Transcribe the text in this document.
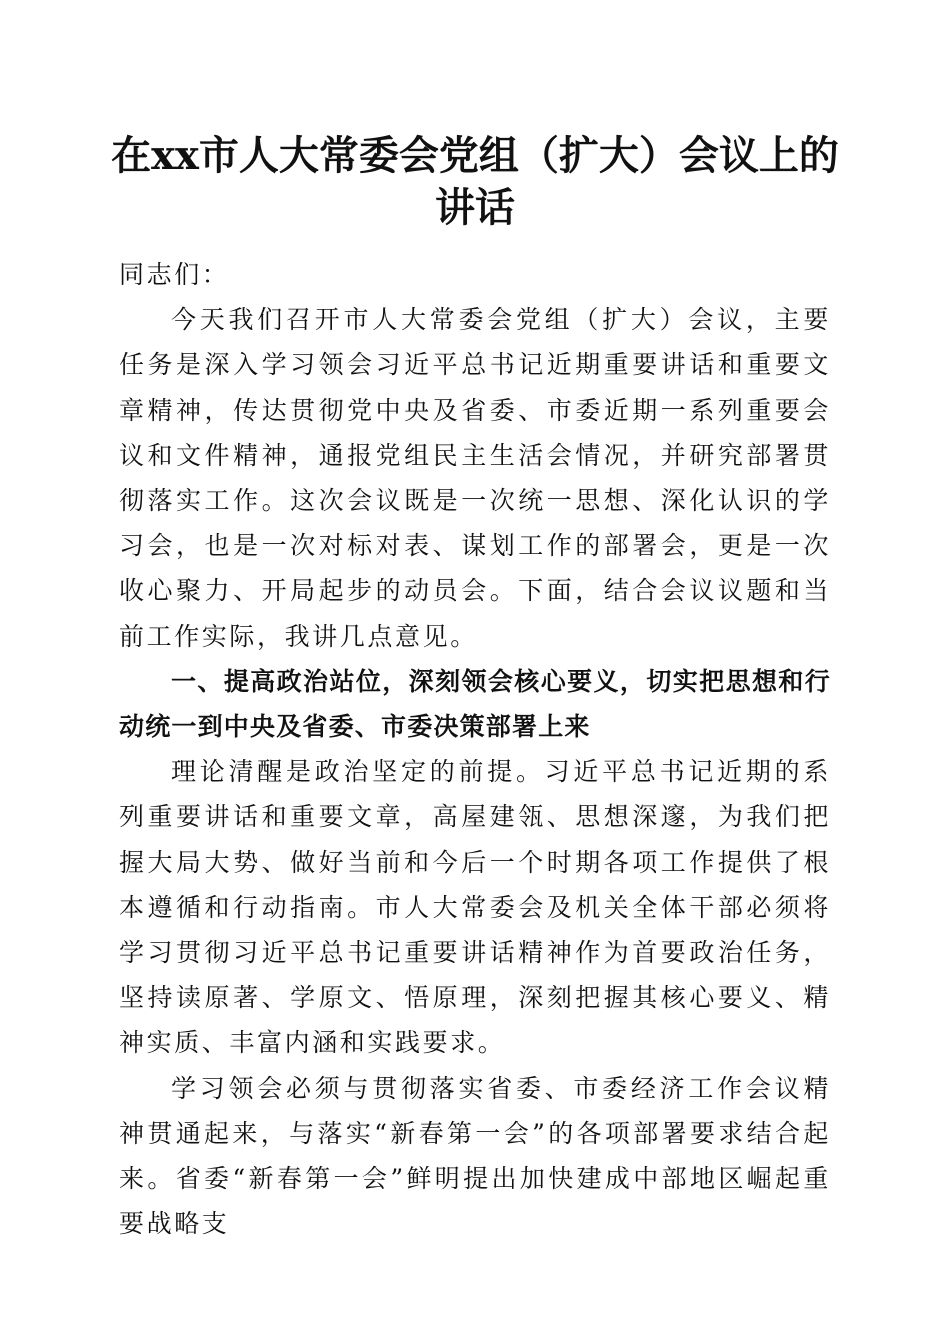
在xx市人大常委会党组（扩大）会议上的讲话

同志们：

今天我们召开市人大常委会党组（扩大）会议，主要任务是深入学习领会习近平总书记近期重要讲话和重要文章精神，传达贯彻党中央及省委、市委近期一系列重要会议和文件精神，通报党组民主生活会情况，并研究部署贯彻落实工作。这次会议既是一次统一思想、深化认识的学习会，也是一次对标对表、谋划工作的部署会，更是一次收心聚力、开局起步的动员会。下面，结合会议议题和当前工作实际，我讲几点意见。

一、提高政治站位，深刻领会核心要义，切实把思想和行动统一到中央及省委、市委决策部署上来

理论清醒是政治坚定的前提。习近平总书记近期的系列重要讲话和重要文章，高屋建瓴、思想深邃，为我们把握大局大势、做好当前和今后一个时期各项工作提供了根本遵循和行动指南。市人大常委会及机关全体干部必须将学习贯彻习近平总书记重要讲话精神作为首要政治任务，坚持读原著、学原文、悟原理，深刻把握其核心要义、精神实质、丰富内涵和实践要求。

学习领会必须与贯彻落实省委、市委经济工作会议精神贯通起来，与落实“新春第一会”的各项部署要求结合起来。省委“新春第一会”鲜明提出加快建成中部地区崛起重要战略支
